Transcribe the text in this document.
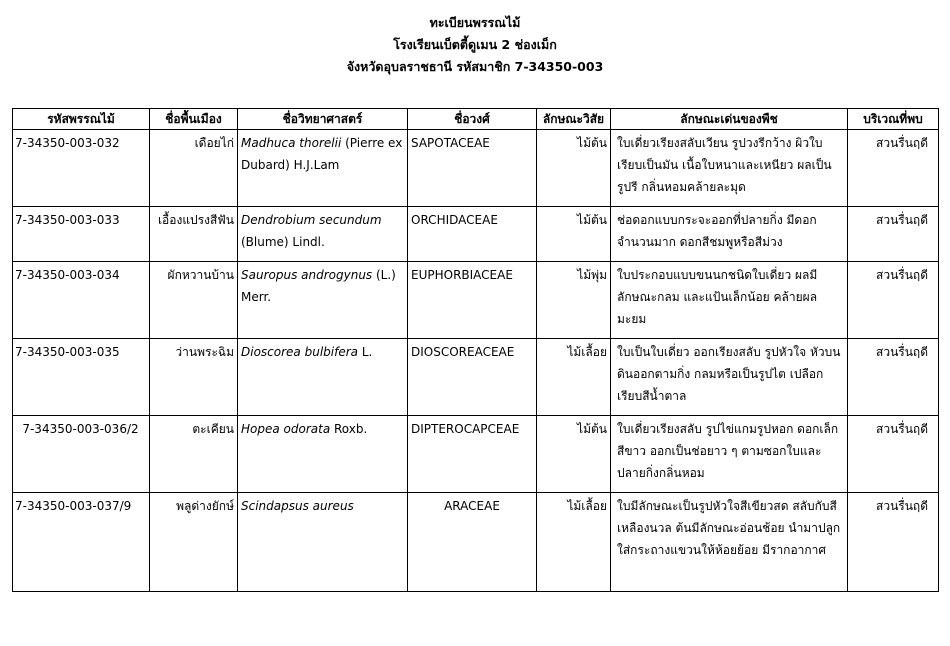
ทะเบียนพรรณไม้
โรงเรียนเบ็ตตี้ดูเมน 2 ช่องเม็ก
จังหวัดอุบลราชธานี รหัสมาชิก 7-34350-003
รหัสพรรณไม้	ชื่อพื้นเมือง	ชื่อวิทยาศาสตร์	ชื่อวงศ์	ลักษณะวิสัย	ลักษณะเด่นของพืช	บริเวณที่พบ
7-34350-003-032	เดือยไก่	Madhuca thorelii (Pierre ex Dubard) H.J.Lam	SAPOTACEAE	ไม้ต้น	ใบเดี่ยวเรียงสลับเวียน รูปวงรีกว้าง ผิวใบเรียบเป็นมัน เนื้อใบหนาและเหนียว ผลเป็นรูปรี กลิ่นหอมคล้ายละมุด	สวนรื่นฤดี
7-34350-003-033	เอื้องแปรงสีฟัน	Dendrobium secundum (Blume) Lindl.	ORCHIDACEAE	ไม้ต้น	ช่อดอกแบบกระจะออกที่ปลายกิ่ง มีดอกจำนวนมาก ดอกสีชมพูหรือสีม่วง	สวนรื่นฤดี
7-34350-003-034	ผักหวานบ้าน	Sauropus androgynus (L.) Merr.	EUPHORBIACEAE	ไม้พุ่ม	ใบประกอบแบบขนนกชนิดใบเดี่ยว ผลมีลักษณะกลม และแป้นเล็กน้อย คล้ายผลมะยม	สวนรื่นฤดี
7-34350-003-035	ว่านพระฉิม	Dioscorea bulbifera L.	DIOSCOREACEAE	ไม้เลื้อย	ใบเป็นใบเดี่ยว ออกเรียงสลับ รูปหัวใจ หัวบนดินออกตามกิ่ง กลมหรือเป็นรูปไต เปลือกเรียบสีน้ำตาล	สวนรื่นฤดี
7-34350-003-036/2	ตะเคียน	Hopea odorata Roxb.	DIPTEROCAPCEAE	ไม้ต้น	ใบเดี่ยวเรียงสลับ รูปไข่แกมรูปหอก ดอกเล็กสีขาว ออกเป็นช่อยาว ๆ ตามซอกใบและปลายกิ่งกลิ่นหอม	สวนรื่นฤดี
7-34350-003-037/9	พลูด่างยักษ์	Scindapsus aureus	ARACEAE	ไม้เลื้อย	ใบมีลักษณะเป็นรูปหัวใจสีเขียวสด สลับกับสีเหลืองนวล ต้นมีลักษณะอ่อนช้อย นำมาปลูกใส่กระถางแขวนให้ห้อยย้อย มีรากอากาศ	สวนรื่นฤดี
